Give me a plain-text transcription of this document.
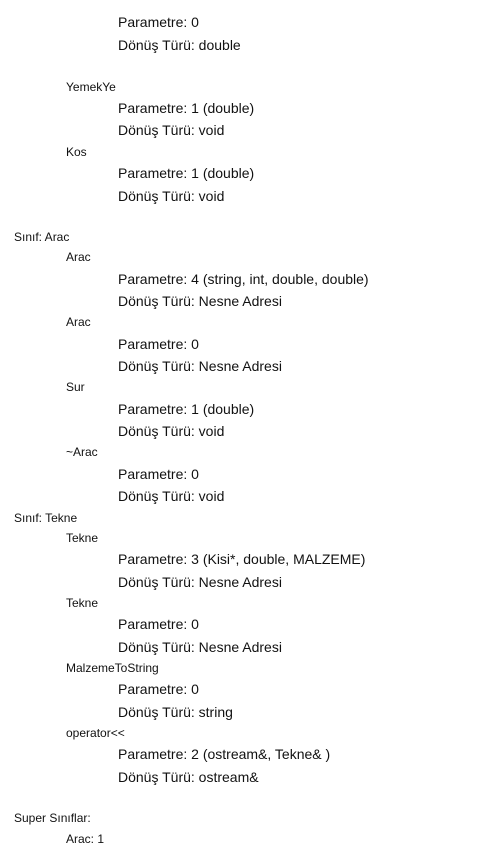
Parametre: 0
Dönüş Türü: double
YemekYe
Parametre: 1 (double)
Dönüş Türü: void
Kos
Parametre: 1 (double)
Dönüş Türü: void
Sınıf: Arac
Arac
Parametre: 4 (string, int, double, double)
Dönüş Türü: Nesne Adresi
Arac
Parametre: 0
Dönüş Türü: Nesne Adresi
Sur
Parametre: 1 (double)
Dönüş Türü: void
~Arac
Parametre: 0
Dönüş Türü: void
Sınıf: Tekne
Tekne
Parametre: 3 (Kisi*, double, MALZEME)
Dönüş Türü: Nesne Adresi
Tekne
Parametre: 0
Dönüş Türü: Nesne Adresi
MalzemeToString
Parametre: 0
Dönüş Türü: string
operator<<
Parametre: 2 (ostream&, Tekne& )
Dönüş Türü: ostream&
Super Sınıflar:
Arac: 1
